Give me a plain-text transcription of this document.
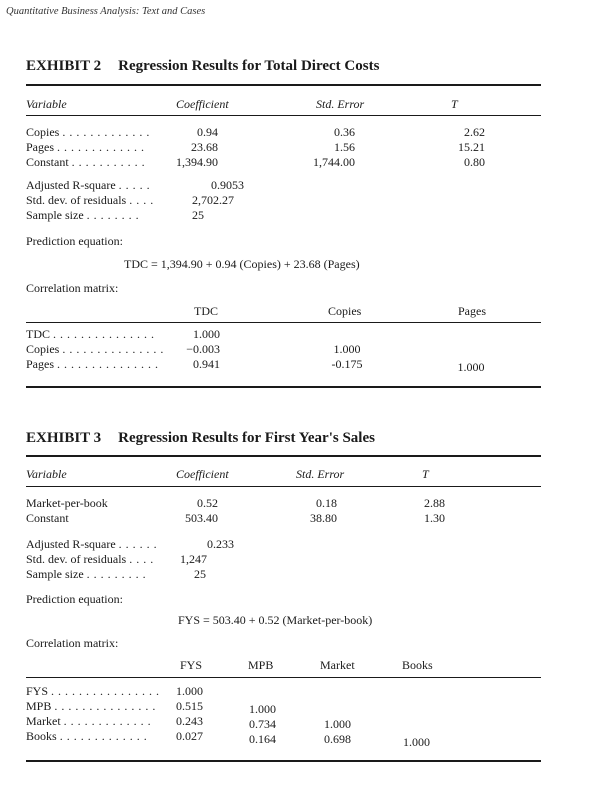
Quantitative Business Analysis: Text and Cases
EXHIBIT 2 Regression Results for Total Direct Costs
Variable	Coefficient	Std. Error	T
Copies . . . . . . . . . . . . .	0.94	0.36	2.62
Pages . . . . . . . . . . . . .	23.68	1.56	15.21
Constant . . . . . . . . . . .	1,394.90	1,744.00	0.80
Adjusted R-square . . . . .	0.9053
Std. dev. of residuals . . . .	2,702.27
Sample size . . . . . . . .	25
Prediction equation:
TDC = 1,394.90 + 0.94 (Copies) + 23.68 (Pages)
Correlation matrix:
TDC	Copies	Pages
TDC . . . . . . . . . . . . . . .	1.000
Copies . . . . . . . . . . . . . . .	−0.003	1.000
Pages . . . . . . . . . . . . . . .	0.941	-0.175	1.000
EXHIBIT 3 Regression Results for First Year's Sales
Variable	Coefficient	Std. Error	T
Market-per-book	0.52	0.18	2.88
Constant	503.40	38.80	1.30
Adjusted R-square . . . . . .	0.233
Std. dev. of residuals . . . . 1,247
Sample size . . . . . . . . .	25
Prediction equation:
FYS = 503.40 + 0.52 (Market-per-book)
Correlation matrix:
FYS	MPB	Market	Books
FYS . . . . . . . . . . . . . . . . 1.000
MPB . . . . . . . . . . . . . . . 0.515	1.000
Market . . . . . . . . . . . . . 0.243	0.734	1.000
Books . . . . . . . . . . . . . 0.027	0.164	0.698	1.000
